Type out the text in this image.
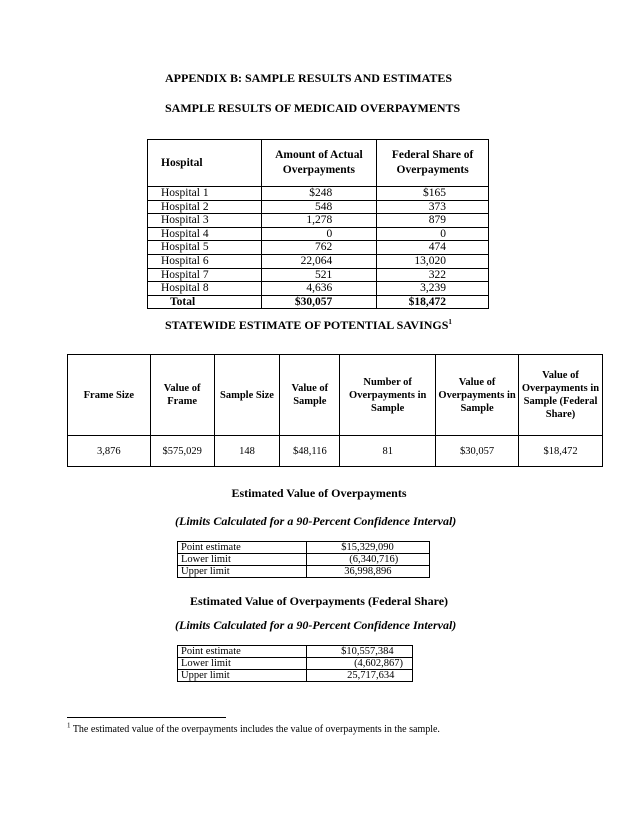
APPENDIX B: SAMPLE RESULTS AND ESTIMATES
SAMPLE RESULTS OF MEDICAID OVERPAYMENTS
Hospital	Amount of Actual Overpayments	Federal Share of Overpayments
Hospital 1	$248	$165
Hospital 2	548	373
Hospital 3	1,278	879
Hospital 4	0	0
Hospital 5	762	474
Hospital 6	22,064	13,020
Hospital 7	521	322
Hospital 8	4,636	3,239
Total	$30,057	$18,472
STATEWIDE ESTIMATE OF POTENTIAL SAVINGS$^1$
Frame Size	Value of Frame	Sample Size	Value of Sample	Number of Overpayments in Sample	Value of Overpayments in Sample	Value of Overpayments in Sample (Federal Share)
3,876	$575,029	148	$48,116	81	$30,057	$18,472
Estimated Value of Overpayments
(Limits Calculated for a 90-Percent Confidence Interval)
Point estimate	$15,329,090
Lower limit	(6,340,716)
Upper limit	36,998,896
Estimated Value of Overpayments (Federal Share)
(Limits Calculated for a 90-Percent Confidence Interval)
Point estimate	$10,557,384
Lower limit	(4,602,867)
Upper limit	25,717,634
$^1$ The estimated value of the overpayments includes the value of overpayments in the sample.
